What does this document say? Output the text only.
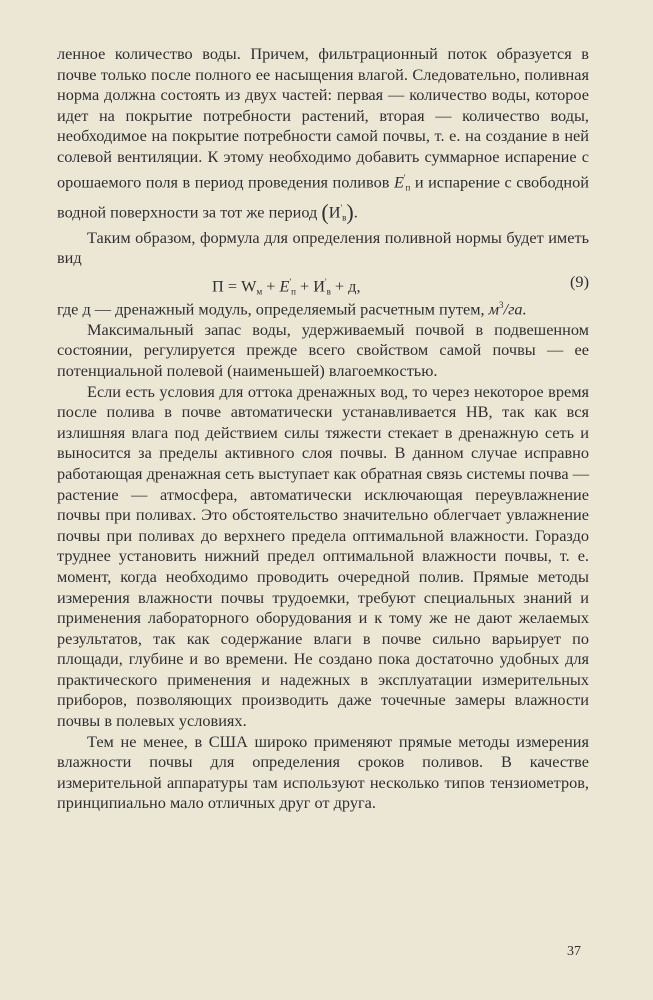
ленное количество воды. Причем, фильтрационный поток образуется в почве только после полного ее насыщения влагой. Следовательно, поливная норма должна состоять из двух частей: первая — количество воды, которое идет на покрытие потребности растений, вторая — количество воды, необходимое на покрытие потребности самой почвы, т. е. на создание в ней солевой вентиляции. К этому необходимо добавить суммарное испарение с орошаемого поля в период проведения поливов $E'_п$ и испарение с свободной водной поверхности за тот же период $(И'_в)$.

Таким образом, формула для определения поливной нормы будет иметь вид

$П = W_м + E'_п + И'_в + д$,	(9)

где д — дренажный модуль, определяемый расчетным путем, $м^3/га$.

Максимальный запас воды, удерживаемый почвой в подвешенном состоянии, регулируется прежде всего свойством самой почвы — ее потенциальной полевой (наименьшей) влагоемкостью.

Если есть условия для оттока дренажных вод, то через некоторое время после полива в почве автоматически устанавливается НВ, так как вся излишняя влага под действием силы тяжести стекает в дренажную сеть и выносится за пределы активного слоя почвы. В данном случае исправно работающая дренажная сеть выступает как обратная связь системы почва — растение — атмосфера, автоматически исключающая переувлажнение почвы при поливах. Это обстоятельство значительно облегчает увлажнение почвы при поливах до верхнего предела оптимальной влажности. Гораздо труднее установить нижний предел оптимальной влажности почвы, т. е. момент, когда необходимо проводить очередной полив. Прямые методы измерения влажности почвы трудоемки, требуют специальных знаний и применения лабораторного оборудования и к тому же не дают желаемых результатов, так как содержание влаги в почве сильно варьирует по площади, глубине и во времени. Не создано пока достаточно удобных для практического применения и надежных в эксплуатации измерительных приборов, позволяющих производить даже точечные замеры влажности почвы в полевых условиях.

Тем не менее, в США широко применяют прямые методы измерения влажности почвы для определения сроков поливов. В качестве измерительной аппаратуры там используют несколько типов тензиометров, принципиально мало отличных друг от друга.

37
